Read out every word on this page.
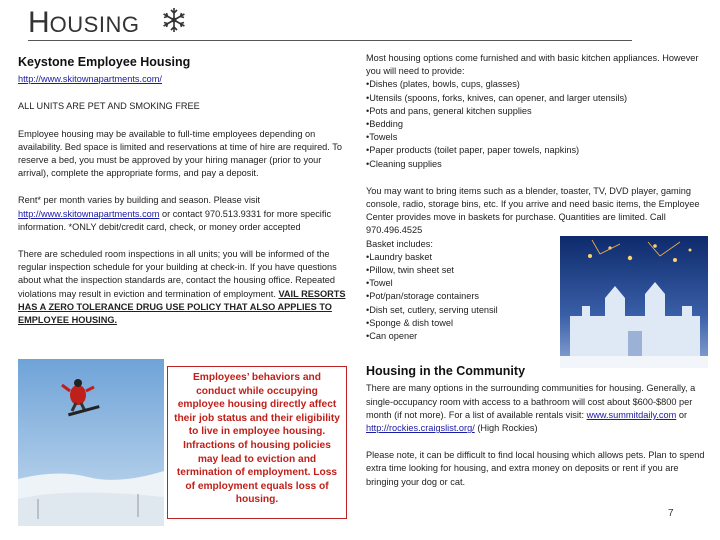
HOUSING
Keystone Employee Housing

http://www.skitownapartments.com/

ALL UNITS ARE PET AND SMOKING FREE

Employee housing may be available to full-time employees depending on availability. Bed space is limited and reservations at time of hire are required. To reserve a bed, you must be approved by your hiring manager (prior to your arrival), complete the appropriate forms, and pay a deposit.

Rent* per month varies by building and season. Please visit http://www.skitownapartments.com or contact 970.513.9331 for more specific information. *ONLY debit/credit card, check, or money order accepted

There are scheduled room inspections in all units; you will be informed of the regular inspection schedule for your building at check-in. If you have questions about what the inspection standards are, contact the housing office. Repeated violations may result in eviction and termination of employment. VAIL RESORTS HAS A ZERO TOLERANCE DRUG USE POLICY THAT ALSO APPLIES TO EMPLOYEE HOUSING.

Employees’ behaviors and conduct while occupying employee housing directly affect their job status and their eligibility to live in employee housing. Infractions of housing policies may lead to eviction and termination of employment. Loss of employment equals loss of housing.

Most housing options come furnished and with basic kitchen appliances. However you will need to provide:

• Dishes (plates, bowls, cups, glasses)
• Utensils (spoons, forks, knives, can opener, and larger utensils)
• Pots and pans, general kitchen supplies
• Bedding
• Towels
• Paper products (toilet paper, paper towels, napkins)
• Cleaning supplies

You may want to bring items such as a blender, toaster, TV, DVD player, gaming console, radio, storage bins, etc. If you arrive and need basic items, the Employee Center provides move in baskets for purchase. Quantities are limited. Call 970.496.4525

Basket includes:

• Laundry basket
• Pillow, twin sheet set
• Towel
• Pot/pan/storage containers
• Dish set, cutlery, serving utensil
• Sponge & dish towel
• Can opener
Housing in the Community

There are many options in the surrounding communities for housing. Generally, a single-occupancy room with access to a bathroom will cost about $600-$800 per month (if not more). For a list of available rentals visit: www.summitdaily.com or http://rockies.craigslist.org/ (High Rockies)

Please note, it can be difficult to find local housing which allows pets. Plan to spend extra time looking for housing, and extra money on deposits or rent if you are bringing your dog or cat.

7
